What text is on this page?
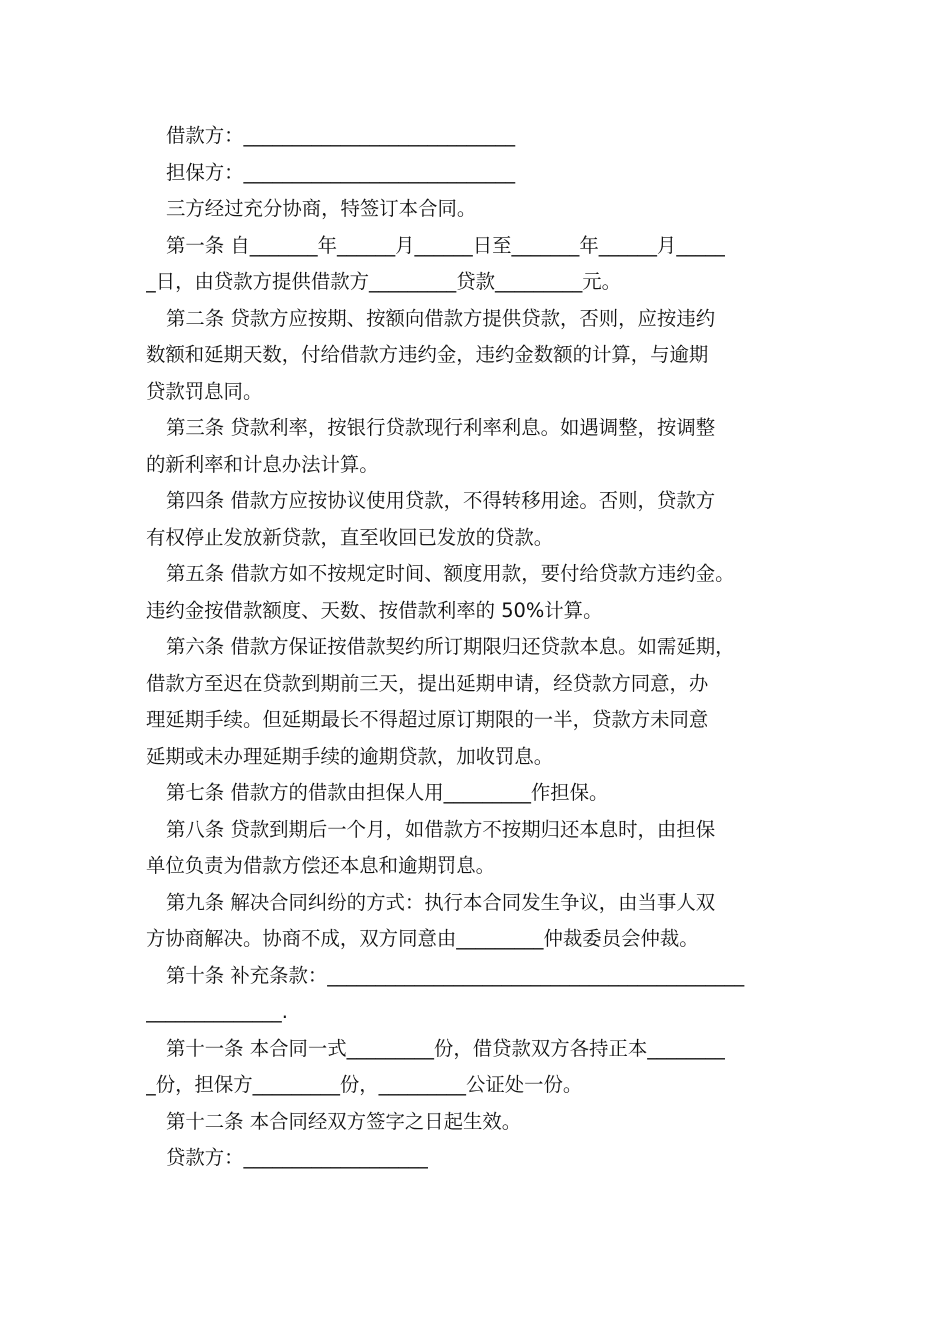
借款方：____________________________
担保方：____________________________
三方经过充分协商，特签订本合同。
第一条 自_______年______月______日至_______年______月_____
_日，由贷款方提供借款方_________贷款_________元。
第二条 贷款方应按期、按额向借款方提供贷款，否则，应按违约
数额和延期天数，付给借款方违约金，违约金数额的计算，与逾期
贷款罚息同。
第三条 贷款利率，按银行贷款现行利率利息。如遇调整，按调整
的新利率和计息办法计算。
第四条 借款方应按协议使用贷款，不得转移用途。否则，贷款方
有权停止发放新贷款，直至收回已发放的贷款。
第五条 借款方如不按规定时间、额度用款，要付给贷款方违约金。
违约金按借款额度、天数、按借款利率的 50%计算。
第六条 借款方保证按借款契约所订期限归还贷款本息。如需延期，
借款方至迟在贷款到期前三天，提出延期申请，经贷款方同意，办
理延期手续。但延期最长不得超过原订期限的一半，贷款方未同意
延期或未办理延期手续的逾期贷款，加收罚息。
第七条 借款方的借款由担保人用_________作担保。
第八条 贷款到期后一个月，如借款方不按期归还本息时，由担保
单位负责为借款方偿还本息和逾期罚息。
第九条 解决合同纠纷的方式：执行本合同发生争议，由当事人双
方协商解决。协商不成，双方同意由_________仲裁委员会仲裁。
第十条 补充条款：___________________________________________
______________.
第十一条 本合同一式_________份，借贷款双方各持正本________
_份，担保方_________份，_________公证处一份。
第十二条 本合同经双方签字之日起生效。
贷款方：___________________
